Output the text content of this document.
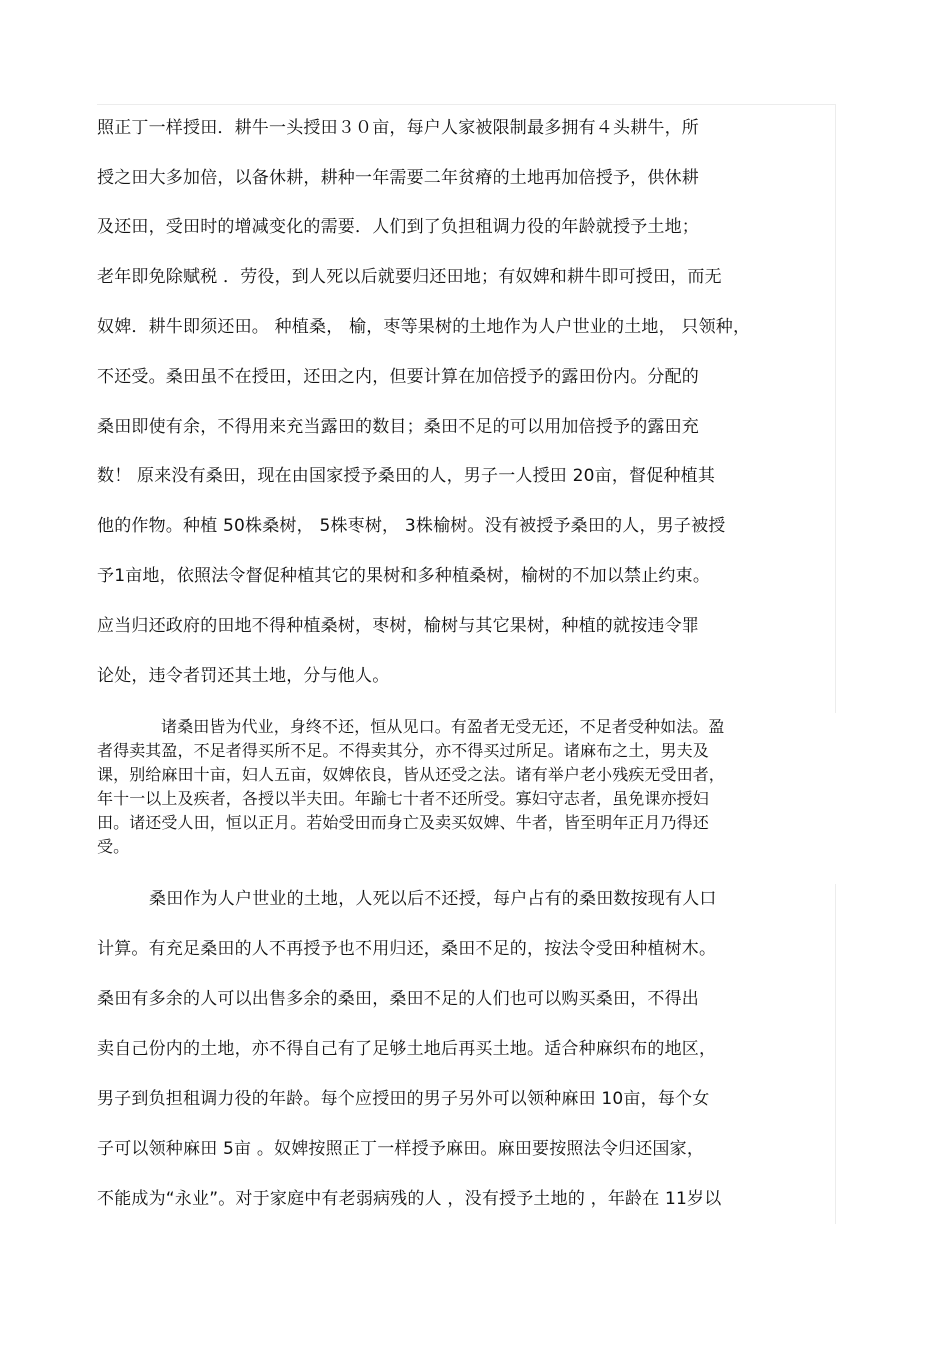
照正丁一样授田．耕牛一头授田３０亩，每户人家被限制最多拥有４头耕牛，所
授之田大多加倍，以备休耕，耕种一年需要二年贫瘠的土地再加倍授予，供休耕
及还田，受田时的增减变化的需要．人们到了负担租调力役的年龄就授予土地；
老年即免除赋税 ．劳役，到人死以后就要归还田地；有奴婢和耕牛即可授田，而无
奴婢．耕牛即须还田。 种植桑， 榆，枣等果树的土地作为人户世业的土地， 只领种，
不还受。桑田虽不在授田，还田之内，但要计算在加倍授予的露田份内。分配的
桑田即使有余，不得用来充当露田的数目；桑田不足的可以用加倍授予的露田充
数！ 原来没有桑田，现在由国家授予桑田的人，男子一人授田 20亩，督促种植其
他的作物。种植 50株桑树， 5株枣树， 3株榆树。没有被授予桑田的人，男子被授
予1亩地，依照法令督促种植其它的果树和多种植桑树，榆树的不加以禁止约束。
应当归还政府的田地不得种植桑树，枣树，榆树与其它果树，种植的就按违令罪
论处，违令者罚还其土地，分与他人。
诸桑田皆为代业，身终不还，恒从见口。有盈者无受无还，不足者受种如法。盈
者得卖其盈，不足者得买所不足。不得卖其分，亦不得买过所足。诸麻布之土，男夫及
课，别给麻田十亩，妇人五亩，奴婢依良，皆从还受之法。诸有举户老小残疾无受田者，
年十一以上及疾者，各授以半夫田。年踰七十者不还所受。寡妇守志者，虽免课亦授妇
田。诸还受人田，恒以正月。若始受田而身亡及卖买奴婢、牛者，皆至明年正月乃得还
受。
桑田作为人户世业的土地，人死以后不还授，每户占有的桑田数按现有人口
计算。有充足桑田的人不再授予也不用归还，桑田不足的，按法令受田种植树木。
桑田有多余的人可以出售多余的桑田，桑田不足的人们也可以购买桑田，不得出
卖自己份内的土地，亦不得自己有了足够土地后再买土地。适合种麻织布的地区，
男子到负担租调力役的年龄。每个应授田的男子另外可以领种麻田 10亩，每个女
子可以领种麻田 5亩 。奴婢按照正丁一样授予麻田。麻田要按照法令归还国家，
不能成为“永业”。对于家庭中有老弱病残的人 ，没有授予土地的 ，年龄在 11岁以
